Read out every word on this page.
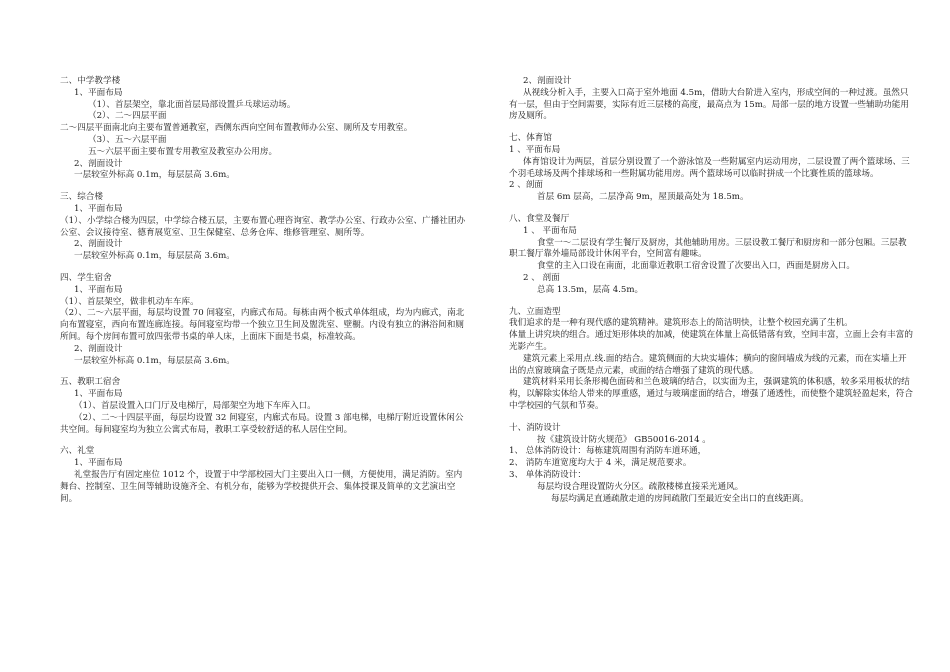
二、中学教学楼
1、平面布局
（1）、首层架空，靠北面首层局部设置乒乓球运动场。
（2）、二～四层平面
二～四层平面南北向主要布置普通教室，西侧东西向空间布置教师办公室、厕所及专用教室。
（3）、五～六层平面
五～六层平面主要布置专用教室及教室办公用房。
2、剖面设计
一层较室外标高 0.1m，每层层高 3.6m。
三、综合楼
1、平面布局
（1）、小学综合楼为四层，中学综合楼五层，主要布置心理咨询室、教学办公室、行政办公室、广播社团办公室、会议接待室、德育展览室、卫生保健室、总务仓库、维修管理室、厕所等。
2、剖面设计
一层较室外标高 0.1m，每层层高 3.6m。
四、学生宿舍
1、平面布局
（1）、首层架空，做非机动车车库。
（2）、二～六层平面，每层均设置 70 间寝室，内廊式布局。每栋由两个板式单体组成，均为内廊式，南北向布置寝室，西向布置连廊连接。每间寝室均带一个独立卫生间及盥洗室、壁橱。内设有独立的淋浴间和厕所间。每个房间布置可放四张带书桌的单人床，上面床下面是书桌，标准较高。
2、剖面设计
一层较室外标高 0.1m，每层层高 3.6m。
五、教职工宿舍
1、平面布局
（1）、首层设置入口门厅及电梯厅，局部架空为地下车库入口。
（2）、二～十四层平面，每层均设置 32 间寝室，内廊式布局。设置 3 部电梯，电梯厅附近设置休闲公共空间。每间寝室均为独立公寓式布局，教职工享受较舒适的私人居住空间。
六、礼堂
1、平面布局
礼堂报告厅有固定座位 1012 个，设置于中学部校园大门主要出入口一侧，方便使用，满足消防。室内舞台、控制室、卫生间等辅助设施齐全、有机分布，能够为学校提供开会、集体授课及简单的文艺演出空间。
2、剖面设计
从视线分析入手，主要入口高于室外地面 4.5m，借助大台阶进入室内，形成空间的一种过渡。虽然只有一层，但由于空间需要，实际有近三层楼的高度，最高点为 15m。局部一层的地方设置一些辅助功能用房及厕所。
七、体育馆
1 、平面布局
体育馆设计为两层，首层分别设置了一个游泳馆及一些附属室内运动用房，二层设置了两个篮球场、三个羽毛球场及两个排球场和一些附属功能用房。两个篮球场可以临时拼成一个比赛性质的篮球场。
2 、剖面
首层 6m 层高，二层净高 9m，屋顶最高处为 18.5m。
八、食堂及餐厅
1 、 平面布局
食堂一～二层设有学生餐厅及厨房，其他辅助用房。三层设教工餐厅和厨房和一部分包厢。三层教职工餐厅靠外墙局部设计休闲平台，空间富有趣味。
食堂的主入口设在南面，北面靠近教职工宿舍设置了次要出入口，西面是厨房入口。
2 、 剖面
总高 13.5m，层高 4.5m。
九、立面造型
我们追求的是一种有现代感的建筑精神。建筑形态上的简洁明快，让整个校园充满了生机。
体量上讲究块的组合。通过矩形体块的加减，使建筑在体量上高低错落有致，空间丰富，立面上会有丰富的光影产生。
建筑元素上采用点.线.面的结合。建筑侧面的大块实墙体；横向的窗间墙成为线的元素，而在实墙上开出的点窗玻璃盒子既是点元素，或面的结合增强了建筑的现代感。
建筑材料采用长条形褐色面砖和兰色玻璃的结合，以实面为主，强调建筑的体积感，较多采用板状的结构，以解除实体给人带来的厚重感，通过与玻璃虚面的结合，增强了通透性，而使整个建筑轻盈起来，符合中学校园的气氛和节奏。
十、消防设计
按《建筑设计防火规范》 GB50016-2014 。
1、 总体消防设计：每栋建筑周围有消防车道环通，
2、 消防车道宽度均大于 4 米，满足规范要求。
3、 单体消防设计：
每层均设合理设置防火分区。疏散楼梯直接采光通风。
每层均满足直通疏散走道的房间疏散门至最近安全出口的直线距离。
